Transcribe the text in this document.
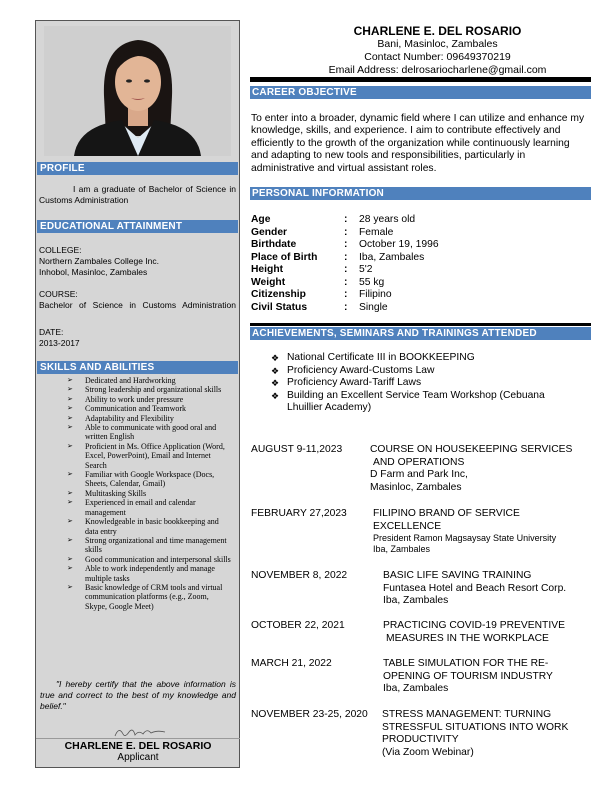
PROFILE
I am a graduate of Bachelor of Science in Customs Administration
EDUCATIONAL ATTAINMENT
COLLEGE:
Northern Zambales College Inc.
Inhobol, Masinloc, Zambales
COURSE:
Bachelor of Science in Customs Administration
DATE:
2013-2017
SKILLS AND ABILITIES
➢ Dedicated and Hardworking
➢ Strong leadership and organizational skills
➢ Ability to work under pressure
➢ Communication and Teamwork
➢ Adaptability and Flexibility
➢ Able to communicate with good oral and written English
➢ Proficient in Ms. Office Application (Word, Excel, PowerPoint), Email and Internet Search
➢ Familiar with Google Workspace (Docs, Sheets, Calendar, Gmail)
➢ Multitasking Skills
➢ Experienced in email and calendar management
➢ Knowledgeable in basic bookkeeping and data entry
➢ Strong organizational and time management skills
➢ Good communication and interpersonal skills
➢ Able to work independently and manage multiple tasks
➢ Basic knowledge of CRM tools and virtual communication platforms (e.g., Zoom, Skype, Google Meet)
"I hereby certify that the above information is true and correct to the best of my knowledge and belief."
CHARLENE E. DEL ROSARIO
Applicant
CHARLENE E. DEL ROSARIO
Bani, Masinloc, Zambales
Contact Number: 09649370219
Email Address: delrosariocharlene@gmail.com
CAREER OBJECTIVE
To enter into a broader, dynamic field where I can utilize and enhance my knowledge, skills, and experience. I aim to contribute effectively and efficiently to the growth of the organization while continuously learning and adapting to new tools and responsibilities, particularly in administrative and virtual assistant roles.
PERSONAL INFORMATION
Age	:	28 years old
Gender	:	Female
Birthdate	:	October 19, 1996
Place of Birth	:	Iba, Zambales
Height	:	5'2
Weight	:	55 kg
Citizenship	:	Filipino
Civil Status	:	Single
ACHIEVEMENTS, SEMINARS AND TRAININGS ATTENDED
❖ National Certificate III in BOOKKEEPING
❖ Proficiency Award-Customs Law
❖ Proficiency Award-Tariff Laws
❖ Building an Excellent Service Team Workshop (Cebuana Lhuillier Academy)
AUGUST 9-11,2023	COURSE ON HOUSEKEEPING SERVICES AND OPERATIONS
D Farm and Park Inc,
Masinloc, Zambales
FEBRUARY 27,2023	FILIPINO BRAND OF SERVICE EXCELLENCE
President Ramon Magsaysay State University
Iba, Zambales
NOVEMBER 8, 2022	BASIC LIFE SAVING TRAINING
Funtasea Hotel and Beach Resort Corp.
Iba, Zambales
OCTOBER 22, 2021	PRACTICING COVID-19 PREVENTIVE MEASURES IN THE WORKPLACE
MARCH 21, 2022	TABLE SIMULATION FOR THE RE-OPENING OF TOURISM INDUSTRY
Iba, Zambales
NOVEMBER 23-25, 2020	STRESS MANAGEMENT: TURNING STRESSFUL SITUATIONS INTO WORK PRODUCTIVITY
(Via Zoom Webinar)
